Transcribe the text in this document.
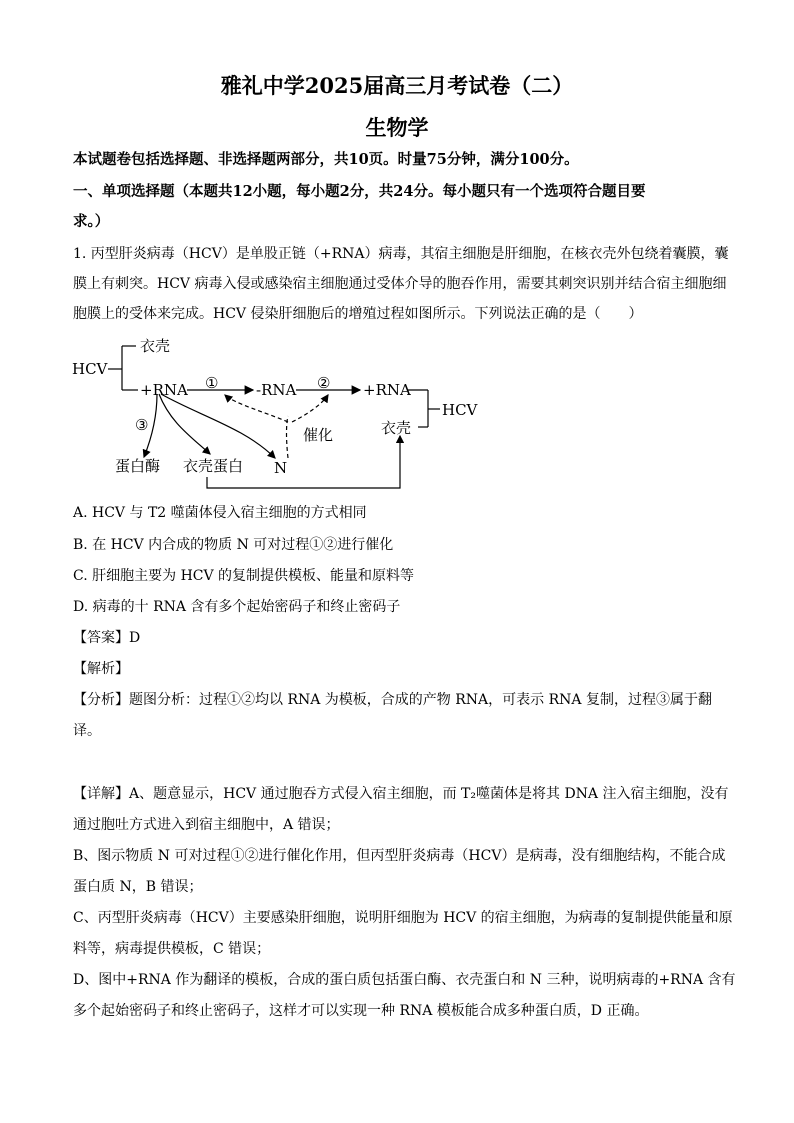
雅礼中学2025届高三月考试卷（二）
生物学
本试题卷包括选择题、非选择题两部分，共10页。时量75分钟，满分100分。
一、单项选择题（本题共12小题，每小题2分，共24分。每小题只有一个选项符合题目要
求。）
1. 丙型肝炎病毒（HCV）是单股正链（+RNA）病毒，其宿主细胞是肝细胞，在核衣壳外包绕着囊膜，囊
膜上有刺突。HCV 病毒入侵或感染宿主细胞通过受体介导的胞吞作用，需要其刺突识别并结合宿主细胞细
胞膜上的受体来完成。HCV 侵染肝细胞后的增殖过程如图所示。下列说法正确的是（　　）
HCV
衣壳
+RNA ①	-RNA ② +RNA
HCV
衣壳
③
催化
蛋白酶 衣壳蛋白 N
A. HCV 与 T2 噬菌体侵入宿主细胞的方式相同
B. 在 HCV 内合成的物质 N 可对过程①②进行催化
C. 肝细胞主要为 HCV 的复制提供模板、能量和原料等
D. 病毒的十 RNA 含有多个起始密码子和终止密码子
【答案】D
【解析】
【分析】题图分析：过程①②均以 RNA 为模板，合成的产物 RNA，可表示 RNA 复制，过程③属于翻
译。
【详解】A、题意显示，HCV 通过胞吞方式侵入宿主细胞，而 T₂噬菌体是将其 DNA 注入宿主细胞，没有
通过胞吐方式进入到宿主细胞中，A 错误；
B、图示物质 N 可对过程①②进行催化作用，但丙型肝炎病毒（HCV）是病毒，没有细胞结构，不能合成
蛋白质 N，B 错误；
C、丙型肝炎病毒（HCV）主要感染肝细胞，说明肝细胞为 HCV 的宿主细胞，为病毒的复制提供能量和原
料等，病毒提供模板，C 错误；
D、图中+RNA 作为翻译的模板，合成的蛋白质包括蛋白酶、衣壳蛋白和 N 三种，说明病毒的+RNA 含有
多个起始密码子和终止密码子，这样才可以实现一种 RNA 模板能合成多种蛋白质，D 正确。
